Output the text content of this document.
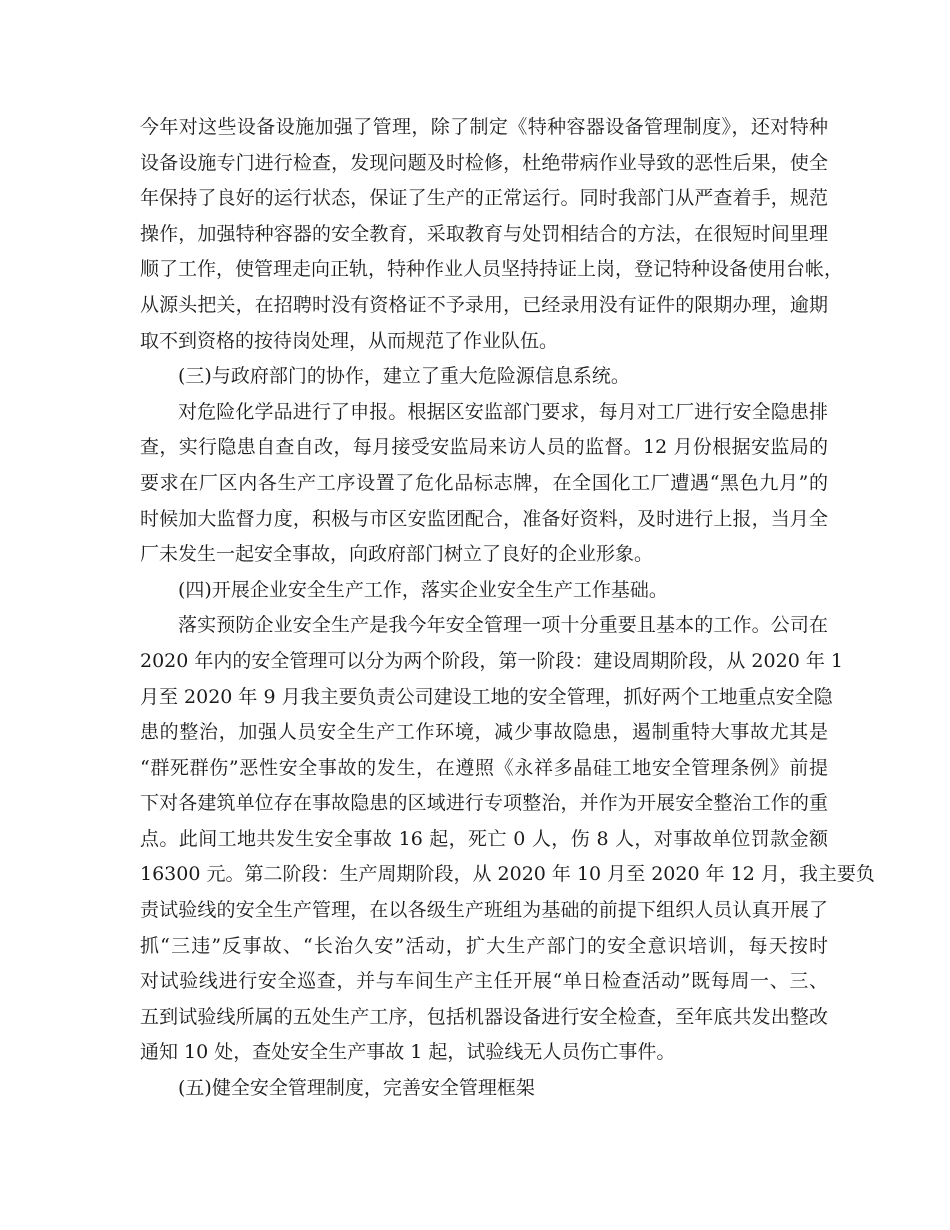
今年对这些设备设施加强了管理，除了制定《特种容器设备管理制度》，还对特种
设备设施专门进行检查，发现问题及时检修，杜绝带病作业导致的恶性后果，使全
年保持了良好的运行状态，保证了生产的正常运行。同时我部门从严查着手，规范
操作，加强特种容器的安全教育，采取教育与处罚相结合的方法，在很短时间里理
顺了工作，使管理走向正轨，特种作业人员坚持持证上岗，登记特种设备使用台帐，
从源头把关，在招聘时没有资格证不予录用，已经录用没有证件的限期办理，逾期
取不到资格的按待岗处理，从而规范了作业队伍。

(三)与政府部门的协作，建立了重大危险源信息系统。

对危险化学品进行了申报。根据区安监部门要求，每月对工厂进行安全隐患排
查，实行隐患自查自改，每月接受安监局来访人员的监督。12 月份根据安监局的
要求在厂区内各生产工序设置了危化品标志牌，在全国化工厂遭遇“黑色九月”的
时候加大监督力度，积极与市区安监团配合，准备好资料，及时进行上报，当月全
厂未发生一起安全事故，向政府部门树立了良好的企业形象。

(四)开展企业安全生产工作，落实企业安全生产工作基础。

落实预防企业安全生产是我今年安全管理一项十分重要且基本的工作。公司在
2020 年内的安全管理可以分为两个阶段，第一阶段：建设周期阶段，从 2020 年 1
月至 2020 年 9 月我主要负责公司建设工地的安全管理，抓好两个工地重点安全隐
患的整治，加强人员安全生产工作环境，减少事故隐患，遏制重特大事故尤其是
“群死群伤”恶性安全事故的发生，在遵照《永祥多晶硅工地安全管理条例》前提
下对各建筑单位存在事故隐患的区域进行专项整治，并作为开展安全整治工作的重
点。此间工地共发生安全事故 16 起，死亡 0 人，伤 8 人，对事故单位罚款金额
16300 元。第二阶段：生产周期阶段，从 2020 年 10 月至 2020 年 12 月，我主要负
责试验线的安全生产管理，在以各级生产班组为基础的前提下组织人员认真开展了
抓“三违”反事故、“长治久安”活动，扩大生产部门的安全意识培训，每天按时
对试验线进行安全巡查，并与车间生产主任开展“单日检查活动”既每周一、三、
五到试验线所属的五处生产工序，包括机器设备进行安全检查，至年底共发出整改
通知 10 处，查处安全生产事故 1 起，试验线无人员伤亡事件。

(五)健全安全管理制度，完善安全管理框架
